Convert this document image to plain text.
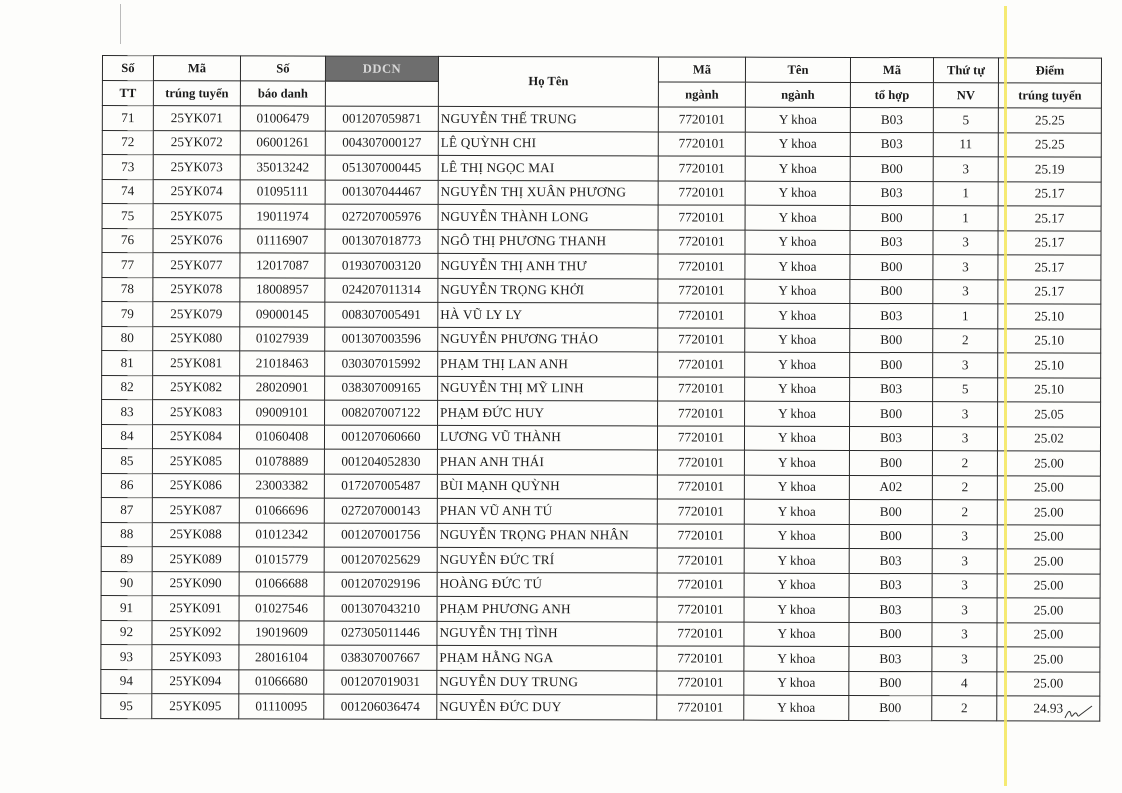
Số	Mã	Số	DDCN	Họ Tên	Mã	Tên	Mã	Thứ tự	Điểm
TT	trúng tuyển	báo danh			ngành	ngành	tổ hợp	NV	trúng tuyển
71	25YK071	01006479	001207059871	NGUYỄN THẾ TRUNG	7720101	Y khoa	B03	5	25.25
72	25YK072	06001261	004307000127	LÊ QUỲNH CHI	7720101	Y khoa	B03	11	25.25
73	25YK073	35013242	051307000445	LÊ THỊ NGỌC MAI	7720101	Y khoa	B00	3	25.19
74	25YK074	01095111	001307044467	NGUYỄN THỊ XUÂN PHƯƠNG	7720101	Y khoa	B03	1	25.17
75	25YK075	19011974	027207005976	NGUYỄN THÀNH LONG	7720101	Y khoa	B00	1	25.17
76	25YK076	01116907	001307018773	NGÔ THỊ PHƯƠNG THANH	7720101	Y khoa	B03	3	25.17
77	25YK077	12017087	019307003120	NGUYỄN THỊ ANH THƯ	7720101	Y khoa	B00	3	25.17
78	25YK078	18008957	024207011314	NGUYỄN TRỌNG KHỞI	7720101	Y khoa	B00	3	25.17
79	25YK079	09000145	008307005491	HÀ VŨ LY LY	7720101	Y khoa	B03	1	25.10
80	25YK080	01027939	001307003596	NGUYỄN PHƯƠNG THẢO	7720101	Y khoa	B00	2	25.10
81	25YK081	21018463	030307015992	PHẠM THỊ LAN ANH	7720101	Y khoa	B00	3	25.10
82	25YK082	28020901	038307009165	NGUYỄN THỊ MỸ LINH	7720101	Y khoa	B03	5	25.10
83	25YK083	09009101	008207007122	PHẠM ĐỨC HUY	7720101	Y khoa	B00	3	25.05
84	25YK084	01060408	001207060660	LƯƠNG VŨ THÀNH	7720101	Y khoa	B03	3	25.02
85	25YK085	01078889	001204052830	PHAN ANH THÁI	7720101	Y khoa	B00	2	25.00
86	25YK086	23003382	017207005487	BÙI MẠNH QUỲNH	7720101	Y khoa	A02	2	25.00
87	25YK087	01066696	027207000143	PHAN VŨ ANH TÚ	7720101	Y khoa	B00	2	25.00
88	25YK088	01012342	001207001756	NGUYỄN TRỌNG PHAN NHÂN	7720101	Y khoa	B00	3	25.00
89	25YK089	01015779	001207025629	NGUYỄN ĐỨC TRÍ	7720101	Y khoa	B03	3	25.00
90	25YK090	01066688	001207029196	HOÀNG ĐỨC TÚ	7720101	Y khoa	B03	3	25.00
91	25YK091	01027546	001307043210	PHẠM PHƯƠNG ANH	7720101	Y khoa	B03	3	25.00
92	25YK092	19019609	027305011446	NGUYỄN THỊ TÌNH	7720101	Y khoa	B00	3	25.00
93	25YK093	28016104	038307007667	PHẠM HẰNG NGA	7720101	Y khoa	B03	3	25.00
94	25YK094	01066680	001207019031	NGUYỄN DUY TRUNG	7720101	Y khoa	B00	4	25.00
95	25YK095	01110095	001206036474	NGUYỄN ĐỨC DUY	7720101	Y khoa	B00	2	24.93
